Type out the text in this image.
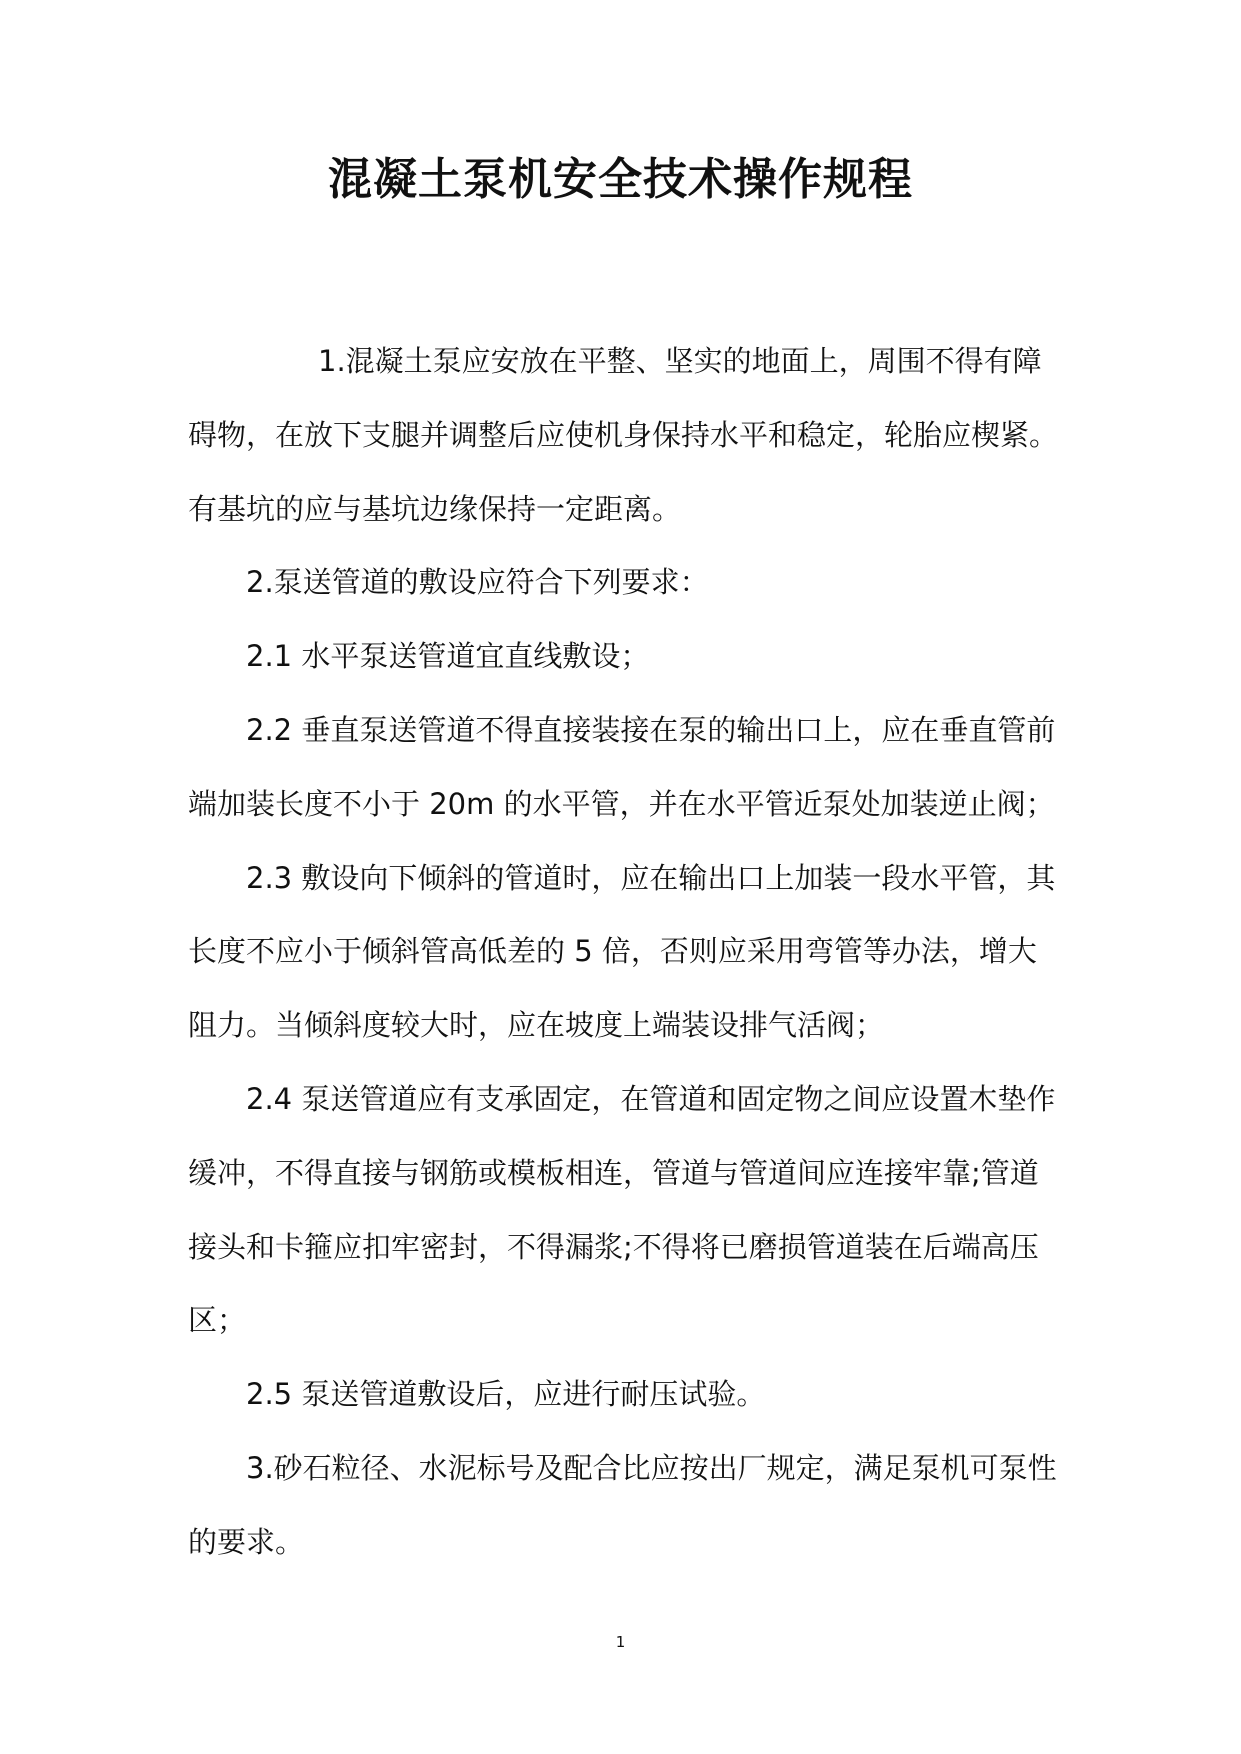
混凝土泵机安全技术操作规程

1.混凝土泵应安放在平整、坚实的地面上，周围不得有障碍物，在放下支腿并调整后应使机身保持水平和稳定，轮胎应楔紧。有基坑的应与基坑边缘保持一定距离。

2.泵送管道的敷设应符合下列要求：

2.1 水平泵送管道宜直线敷设；

2.2 垂直泵送管道不得直接装接在泵的输出口上，应在垂直管前端加装长度不小于 20m 的水平管，并在水平管近泵处加装逆止阀；

2.3 敷设向下倾斜的管道时，应在输出口上加装一段水平管，其长度不应小于倾斜管高低差的 5 倍，否则应采用弯管等办法，增大阻力。当倾斜度较大时，应在坡度上端装设排气活阀；

2.4 泵送管道应有支承固定，在管道和固定物之间应设置木垫作缓冲，不得直接与钢筋或模板相连，管道与管道间应连接牢靠;管道接头和卡箍应扣牢密封，不得漏浆;不得将已磨损管道装在后端高压区；

2.5 泵送管道敷设后，应进行耐压试验。

3.砂石粒径、水泥标号及配合比应按出厂规定，满足泵机可泵性的要求。

1
